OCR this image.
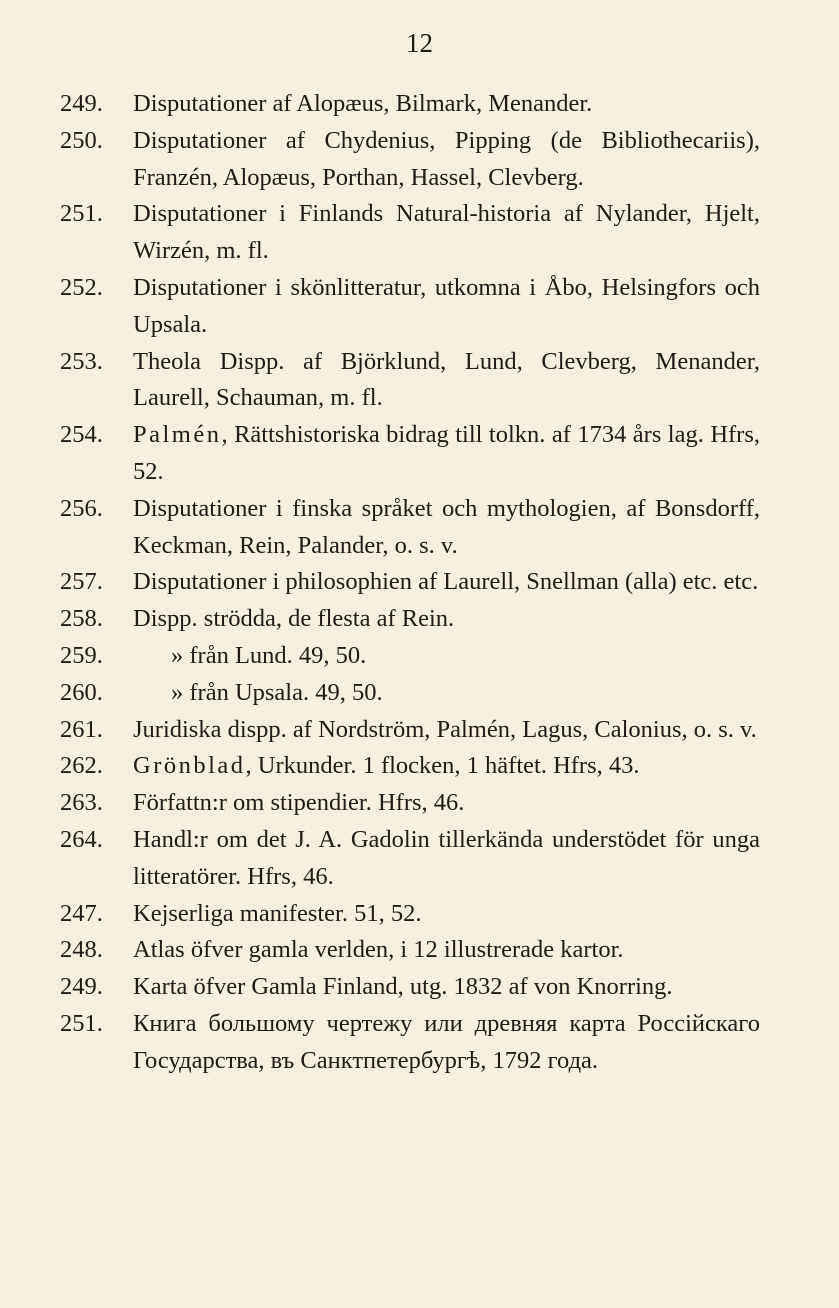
12
249.	Disputationer af Alopæus, Bilmark, Menander.
250.	Disputationer af Chydenius, Pipping (de Bibliothecariis), Franzén, Alopæus, Porthan, Hassel, Clevberg.
251.	Disputationer i Finlands Natural-historia af Nylander, Hjelt, Wirzén, m. fl.
252.	Disputationer i skönlitteratur, utkomna i Åbo, Helsingfors och Upsala.
253.	Theola Dispp. af Björklund, Lund, Clevberg, Menander, Laurell, Schauman, m. fl.
254.	Palmén, Rättshistoriska bidrag till tolkn. af 1734 års lag. Hfrs, 52.
256.	Disputationer i finska språket och mythologien, af Bonsdorff, Keckman, Rein, Palander, o. s. v.
257.	Disputationer i philosophien af Laurell, Snellman (alla) etc. etc.
258.	Dispp. strödda, de flesta af Rein.
259.	» från Lund. 49, 50.
260.	» från Upsala. 49, 50.
261.	Juridiska dispp. af Nordström, Palmén, Lagus, Calonius, o. s. v.
262.	Grönblad, Urkunder. 1 flocken, 1 häftet. Hfrs, 43.
263.	Författn:r om stipendier. Hfrs, 46.
264.	Handl:r om det J. A. Gadolin tillerkända understödet för unga litteratörer. Hfrs, 46.
247.	Kejserliga manifester. 51, 52.
248.	Atlas öfver gamla verlden, i 12 illustrerade kartor.
249.	Karta öfver Gamla Finland, utg. 1832 af von Knorring.
251.	Книга большому чертежу или древняя карта Россійскаго Государства, въ Санктпетербургѣ, 1792 года.
